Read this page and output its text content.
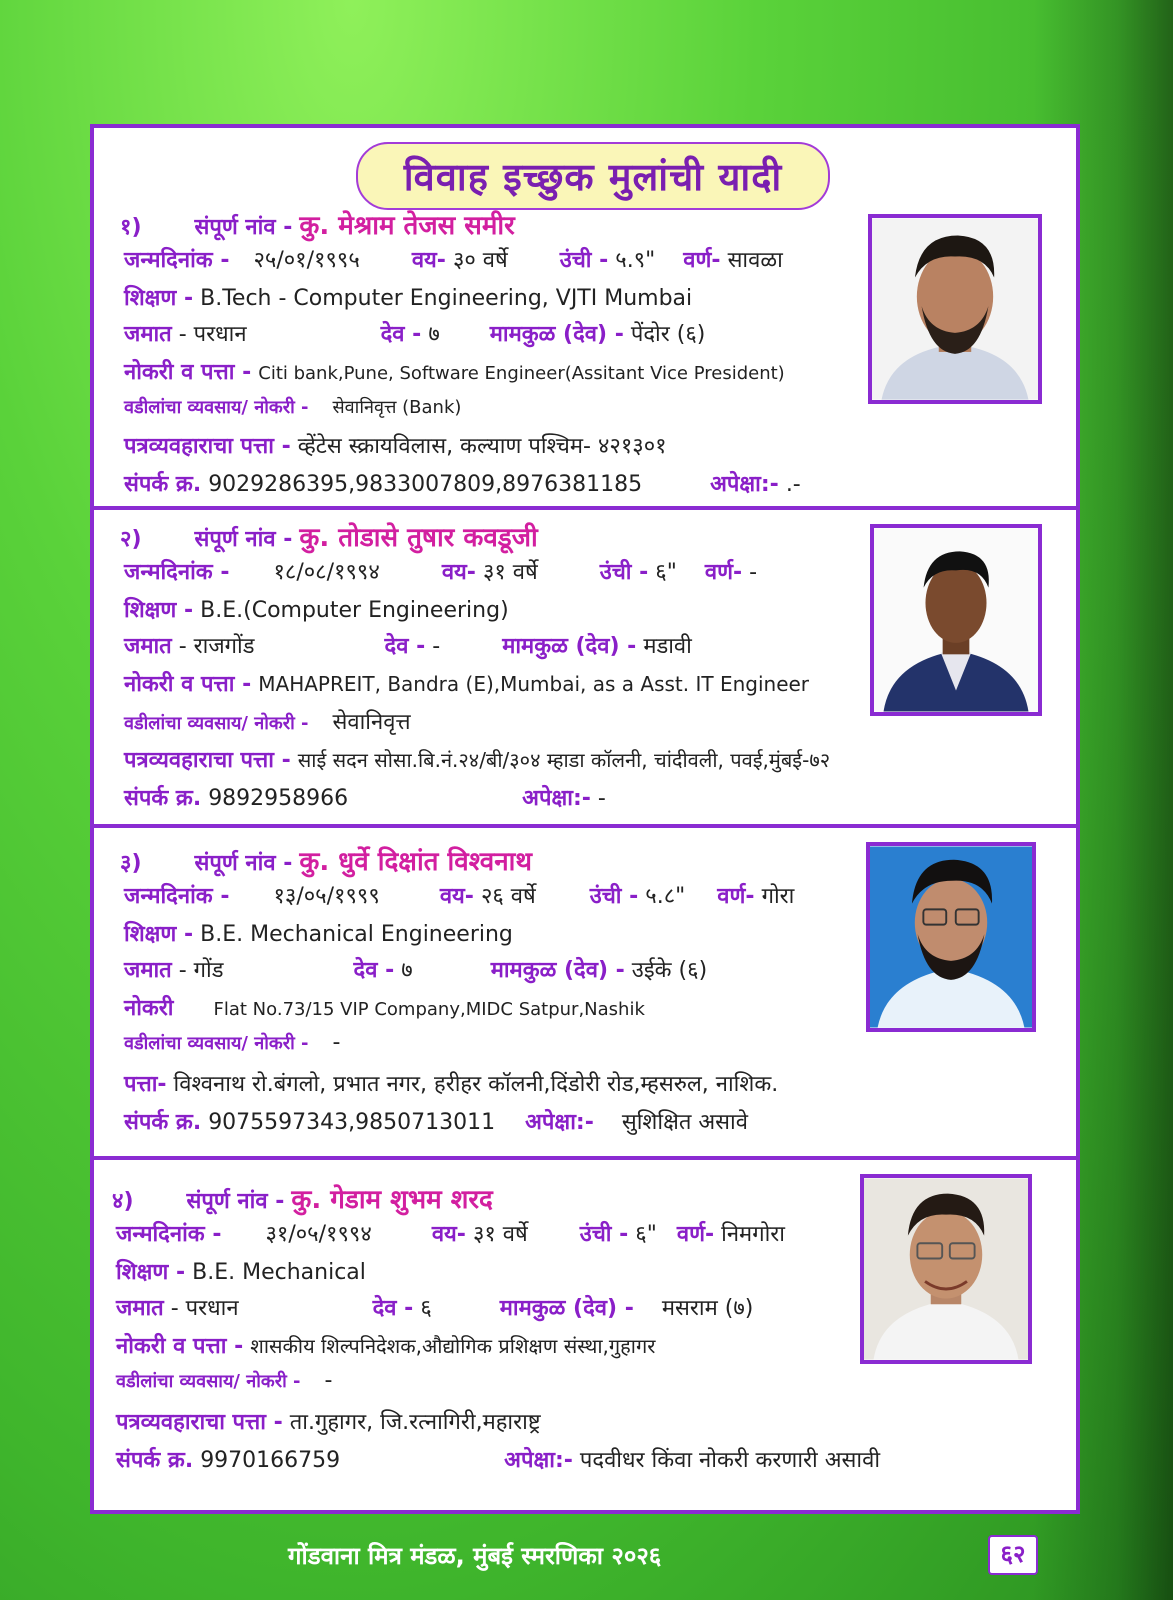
विवाह इच्छुक मुलांची यादी
१) संपूर्ण नांव - कु. मेश्राम तेजस समीर
जन्मदिनांक - २५/०१/१९९५ वय- ३० वर्षे उंची - ५.९" वर्ण- सावळा
शिक्षण - B.Tech - Computer Engineering, VJTI Mumbai
जमात - परधान	देव - ७ मामकुळ (देव) - पेंदोर (६)
नोकरी व पत्ता - Citi bank,Pune, Software Engineer(Assitant Vice President)
वडीलांचा व्यवसाय/ नोकरी - सेवानिवृत्त (Bank)
पत्रव्यवहाराचा पत्ता - व्हेंटेस स्क्रायविलास, कल्याण पश्चिम- ४२१३०१
संपर्क क्र. 9029286395,9833007809,8976381185	अपेक्षा:- .-
२) संपूर्ण नांव - कु. तोडासे तुषार कवडूजी
जन्मदिनांक - १८/०८/१९९४	वय- ३१ वर्षे	उंची - ६" वर्ण- -
शिक्षण - B.E.(Computer Engineering)
जमात - राजगोंड	देव - -	मामकुळ (देव) - मडावी
नोकरी व पत्ता - MAHAPREIT, Bandra (E),Mumbai, as a Asst. IT Engineer
वडीलांचा व्यवसाय/ नोकरी - सेवानिवृत्त
पत्रव्यवहाराचा पत्ता - साई सदन सोसा.बि.नं.२४/बी/३०४ म्हाडा कॉलनी, चांदीवली, पवई,मुंबई-७२
संपर्क क्र. 9892958966	अपेक्षा:- -
३) संपूर्ण नांव - कु. धुर्वे दिक्षांत विश्वनाथ
जन्मदिनांक - १३/०५/१९९९	वय- २६ वर्षे उंची - ५.८" वर्ण- गोरा
शिक्षण - B.E. Mechanical Engineering
जमात - गोंड	देव - ७	मामकुळ (देव) - उईके (६)
नोकरी Flat No.73/15 VIP Company,MIDC Satpur,Nashik
वडीलांचा व्यवसाय/ नोकरी - -
पत्ता- विश्वनाथ रो.बंगलो, प्रभात नगर, हरीहर कॉलनी,दिंडोरी रोड,म्हसरुल, नाशिक.
संपर्क क्र. 9075597343,9850713011 अपेक्षा:- सुशिक्षित असावे
४) संपूर्ण नांव - कु. गेडाम शुभम शरद
जन्मदिनांक - ३१/०५/१९९४	वय- ३१ वर्षे उंची - ६" वर्ण- निमगोरा
शिक्षण - B.E. Mechanical
जमात - परधान	देव - ६	मामकुळ (देव) - मसराम (७)
नोकरी व पत्ता - शासकीय शिल्पनिदेशक,औद्योगिक प्रशिक्षण संस्था,गुहागर
वडीलांचा व्यवसाय/ नोकरी - -
पत्रव्यवहाराचा पत्ता - ता.गुहागर, जि.रत्नागिरी,महाराष्ट्र
संपर्क क्र. 9970166759	अपेक्षा:- पदवीधर किंवा नोकरी करणारी असावी
गोंडवाना मित्र मंडळ, मुंबई स्मरणिका २०२६	६२
